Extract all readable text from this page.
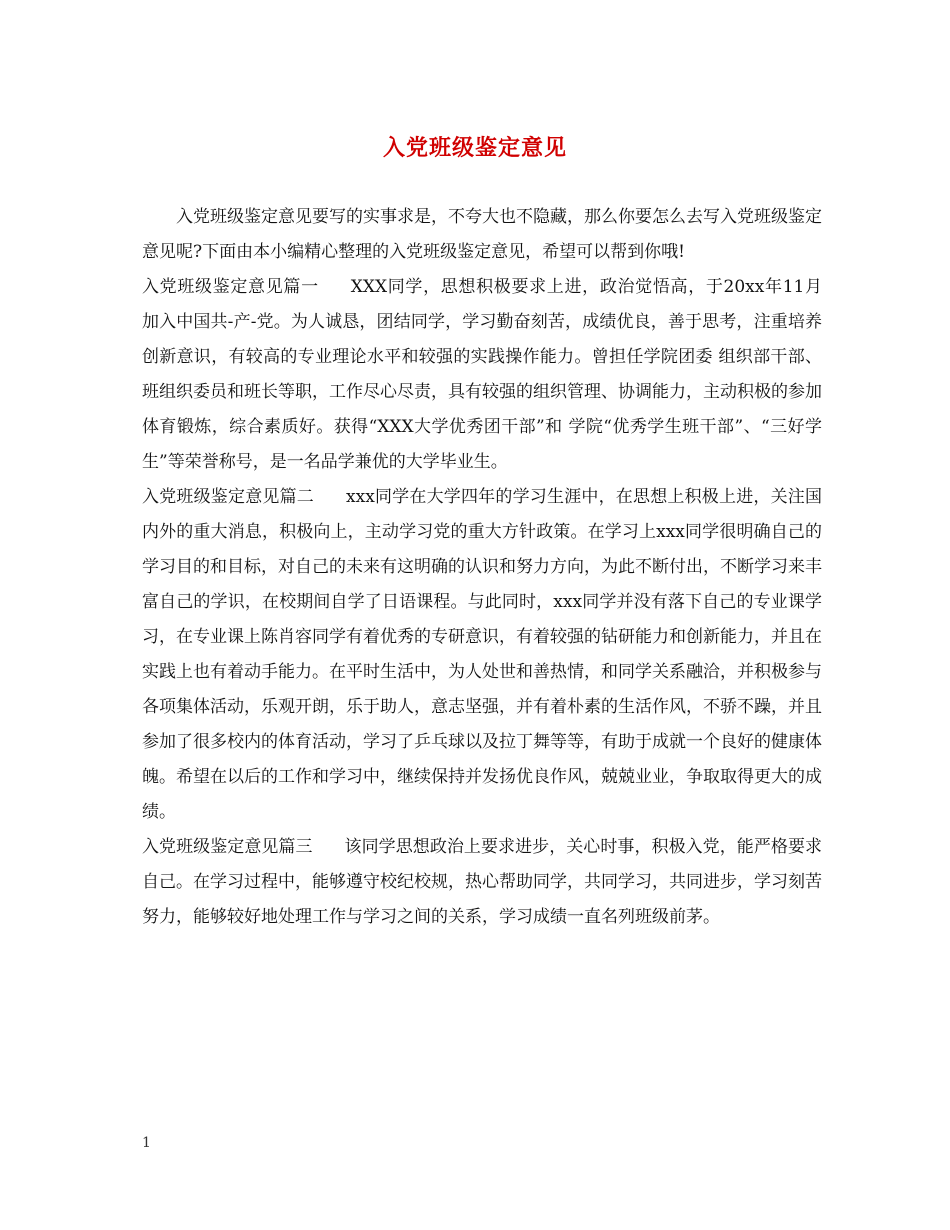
入党班级鉴定意见

入党班级鉴定意见要写的实事求是，不夸大也不隐藏，那么你要怎么去写入党班级鉴定意见呢?下面由本小编精心整理的入党班级鉴定意见，希望可以帮到你哦!

入党班级鉴定意见篇一 XXX同学，思想积极要求上进，政治觉悟高，于20xx年11月 加入中国共-产-党。为人诚恳，团结同学，学习勤奋刻苦，成绩优良，善于思考，注重培养创新意识，有较高的专业理论水平和较强的实践操作能力。曾担任学院团委 组织部干部、班组织委员和班长等职，工作尽心尽责，具有较强的组织管理、协调能力，主动积极的参加体育锻炼，综合素质好。获得“XXX大学优秀团干部”和 学院“优秀学生班干部”、“三好学生”等荣誉称号，是一名品学兼优的大学毕业生。

入党班级鉴定意见篇二 xxx同学在大学四年的学习生涯中，在思想上积极上进，关注国内外的重大消息，积极向上，主动学习党的重大方针政策。在学习上xxx同学很明确自己的学习目的和目标，对自己的未来有这明确的认识和努力方向，为此不断付出，不断学习来丰富自己的学识，在校期间自学了日语课程。与此同时，xxx同学并没有落下自己的专业课学习，在专业课上陈肖容同学有着优秀的专研意识，有着较强的钻研能力和创新能力，并且在实践上也有着动手能力。在平时生活中，为人处世和善热情，和同学关系融洽，并积极参与各项集体活动，乐观开朗，乐于助人，意志坚强，并有着朴素的生活作风，不骄不躁，并且参加了很多校内的体育活动，学习了乒乓球以及拉丁舞等等，有助于成就一个良好的健康体魄。希望在以后的工作和学习中，继续保持并发扬优良作风，兢兢业业，争取取得更大的成绩。

入党班级鉴定意见篇三 该同学思想政治上要求进步，关心时事，积极入党，能严格要求自己。在学习过程中，能够遵守校纪校规，热心帮助同学，共同学习，共同进步，学习刻苦努力，能够较好地处理工作与学习之间的关系，学习成绩一直名列班级前茅。

1
